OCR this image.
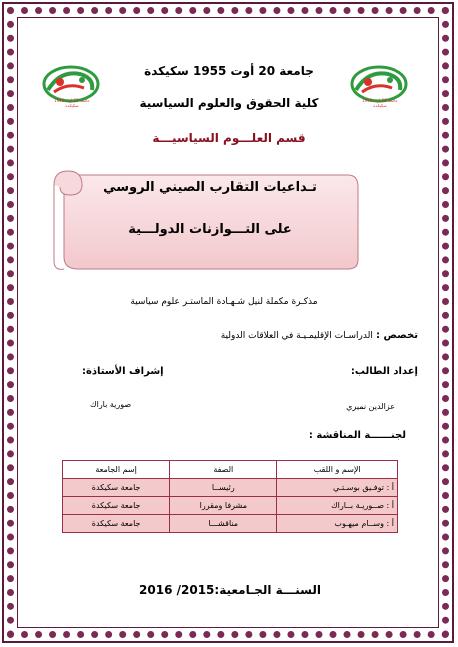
جامعة 20 أوت 1955 سكيكدة
جامعة 20 أوت 1955 سكيكدة
جامعة 20 أوت 1955 سكيكدة
كلية الحقوق والعلوم السياسية
قسم العلـــوم السياسيـــة
تـداعيات التقارب الصيني الروسي
على التـــوازنات الدولـــية
مذكـرة مكملة لنيل شـهـادة الماستـر علوم سياسية
تخصص : الدراسـات الإقليمـيـة في العلاقات الدولية
إعداد الطالب:
إشراف الأستاذة:
عزالدين نميري
صورية باراك
لجنــــــة المناقشة :
الإسم و اللقب	الصفة	إسم الجامعة
أ : توفـيق بوسـتـي	رئيســا	جامعة سكيكدة
أ : صــوريـة بــاراك	مشرفا ومقررا	جامعة سكيكدة
أ : وســام ميهـوب	مناقشـــا	جامعة سكيكدة
السنـــة الجـامعية:2015/ 2016
